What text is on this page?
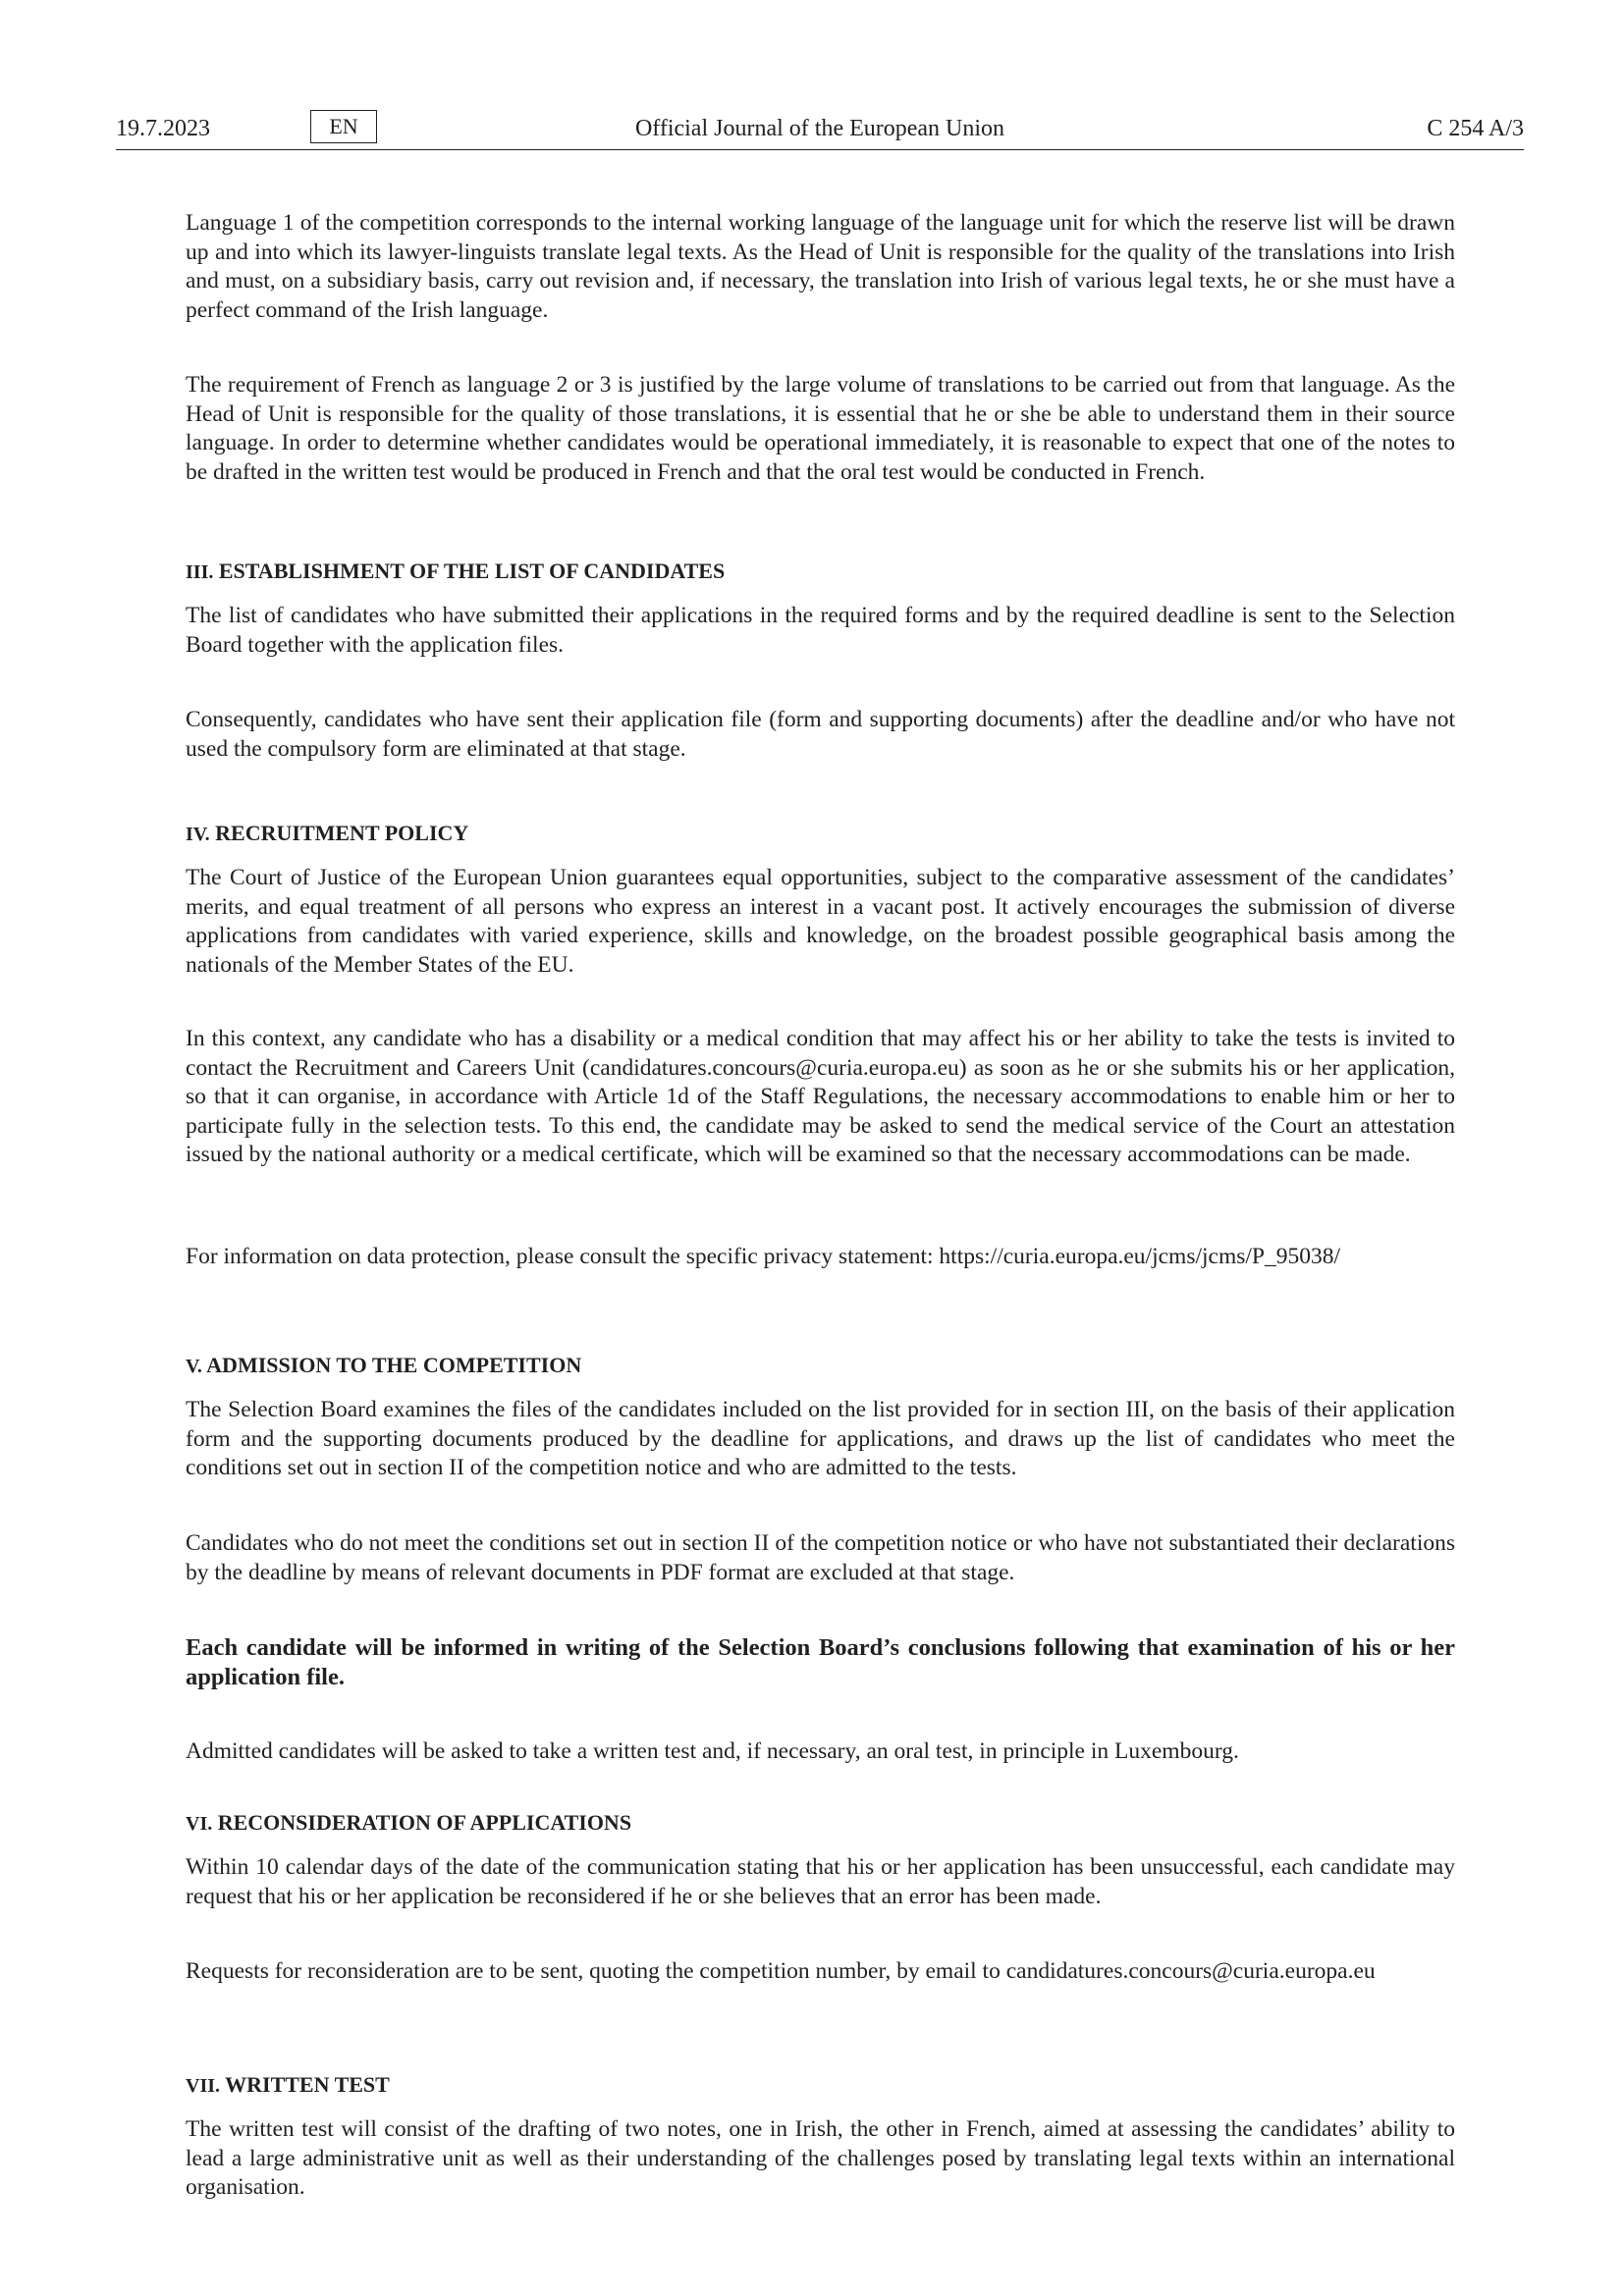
19.7.2023	EN	Official Journal of the European Union	C 254 A/3

Language 1 of the competition corresponds to the internal working language of the language unit for which the reserve list will be drawn up and into which its lawyer-linguists translate legal texts. As the Head of Unit is responsible for the quality of the translations into Irish and must, on a subsidiary basis, carry out revision and, if necessary, the translation into Irish of various legal texts, he or she must have a perfect command of the Irish language.

The requirement of French as language 2 or 3 is justified by the large volume of translations to be carried out from that language. As the Head of Unit is responsible for the quality of those translations, it is essential that he or she be able to understand them in their source language. In order to determine whether candidates would be operational immediately, it is reasonable to expect that one of the notes to be drafted in the written test would be produced in French and that the oral test would be conducted in French.

III. ESTABLISHMENT OF THE LIST OF CANDIDATES

The list of candidates who have submitted their applications in the required forms and by the required deadline is sent to the Selection Board together with the application files.

Consequently, candidates who have sent their application file (form and supporting documents) after the deadline and/or who have not used the compulsory form are eliminated at that stage.

IV. RECRUITMENT POLICY

The Court of Justice of the European Union guarantees equal opportunities, subject to the comparative assessment of the candidates’ merits, and equal treatment of all persons who express an interest in a vacant post. It actively encourages the submission of diverse applications from candidates with varied experience, skills and knowledge, on the broadest possible geographical basis among the nationals of the Member States of the EU.

In this context, any candidate who has a disability or a medical condition that may affect his or her ability to take the tests is invited to contact the Recruitment and Careers Unit (candidatures.concours@curia.europa.eu) as soon as he or she submits his or her application, so that it can organise, in accordance with Article 1d of the Staff Regulations, the necessary accommodations to enable him or her to participate fully in the selection tests. To this end, the candidate may be asked to send the medical service of the Court an attestation issued by the national authority or a medical certificate, which will be examined so that the necessary accommodations can be made.

For information on data protection, please consult the specific privacy statement: https://curia.europa.eu/jcms/jcms/P_95038/

V. ADMISSION TO THE COMPETITION

The Selection Board examines the files of the candidates included on the list provided for in section III, on the basis of their application form and the supporting documents produced by the deadline for applications, and draws up the list of candidates who meet the conditions set out in section II of the competition notice and who are admitted to the tests.

Candidates who do not meet the conditions set out in section II of the competition notice or who have not substantiated their declarations by the deadline by means of relevant documents in PDF format are excluded at that stage.

Each candidate will be informed in writing of the Selection Board’s conclusions following that examination of his or her application file.

Admitted candidates will be asked to take a written test and, if necessary, an oral test, in principle in Luxembourg.

VI. RECONSIDERATION OF APPLICATIONS

Within 10 calendar days of the date of the communication stating that his or her application has been unsuccessful, each candidate may request that his or her application be reconsidered if he or she believes that an error has been made.

Requests for reconsideration are to be sent, quoting the competition number, by email to candidatures.concours@curia.europa.eu

VII. WRITTEN TEST

The written test will consist of the drafting of two notes, one in Irish, the other in French, aimed at assessing the candidates’ ability to lead a large administrative unit as well as their understanding of the challenges posed by translating legal texts within an international organisation.
